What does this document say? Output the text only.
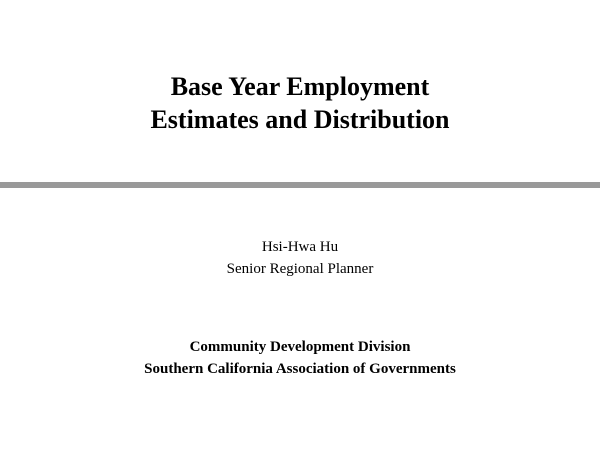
Base Year Employment
Estimates and Distribution
Hsi-Hwa Hu
Senior Regional Planner
Community Development Division
Southern California Association of Governments
